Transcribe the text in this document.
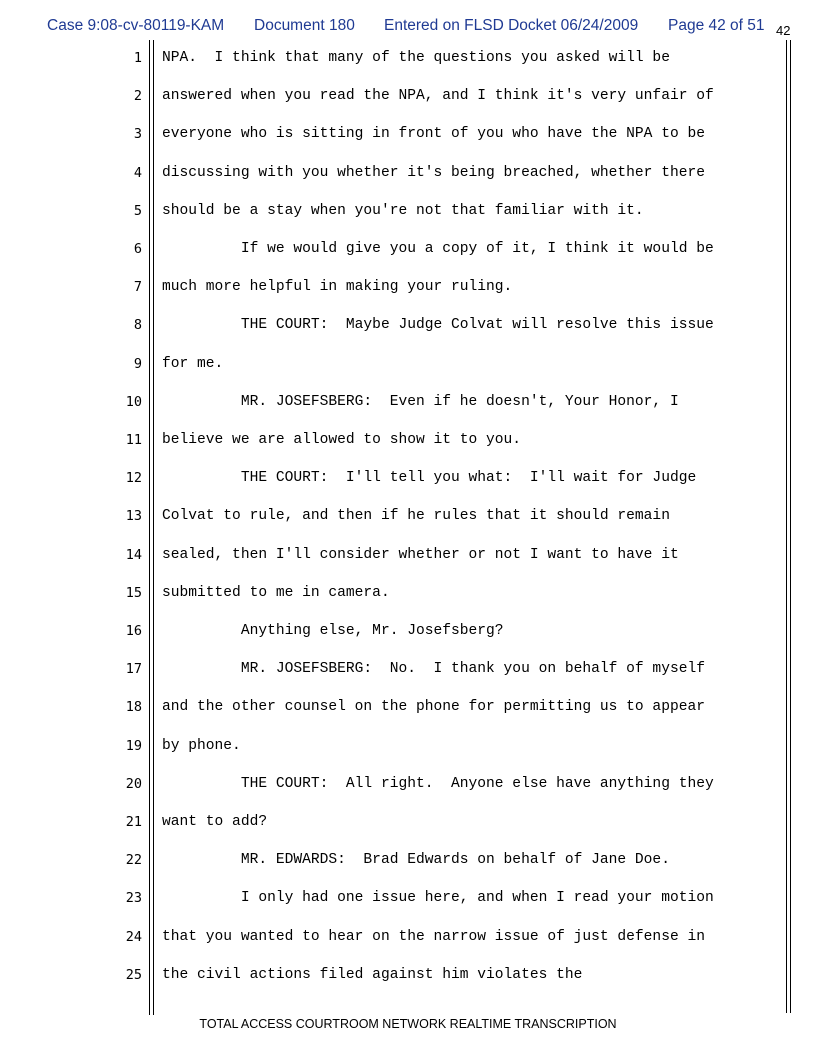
Case 9:08-cv-80119-KAM Document 180 Entered on FLSD Docket 06/24/2009 Page 42 of 51 42
1 NPA.  I think that many of the questions you asked will be
2 answered when you read the NPA, and I think it's very unfair of
3 everyone who is sitting in front of you who have the NPA to be
4 discussing with you whether it's being breached, whether there
5 should be a stay when you're not that familiar with it.
6 If we would give you a copy of it, I think it would be
7 much more helpful in making your ruling.
8 THE COURT:  Maybe Judge Colvat will resolve this issue
9 for me.
10 MR. JOSEFSBERG:  Even if he doesn't, Your Honor, I
11 believe we are allowed to show it to you.
12 THE COURT:  I'll tell you what:  I'll wait for Judge
13 Colvat to rule, and then if he rules that it should remain
14 sealed, then I'll consider whether or not I want to have it
15 submitted to me in camera.
16 Anything else, Mr. Josefsberg?
17 MR. JOSEFSBERG:  No.  I thank you on behalf of myself
18 and the other counsel on the phone for permitting us to appear
19 by phone.
20 THE COURT:  All right.  Anyone else have anything they
21 want to add?
22 MR. EDWARDS:  Brad Edwards on behalf of Jane Doe.
23 I only had one issue here, and when I read your motion
24 that you wanted to hear on the narrow issue of just defense in
25 the civil actions filed against him violates the
TOTAL ACCESS COURTROOM NETWORK REALTIME TRANSCRIPTION
